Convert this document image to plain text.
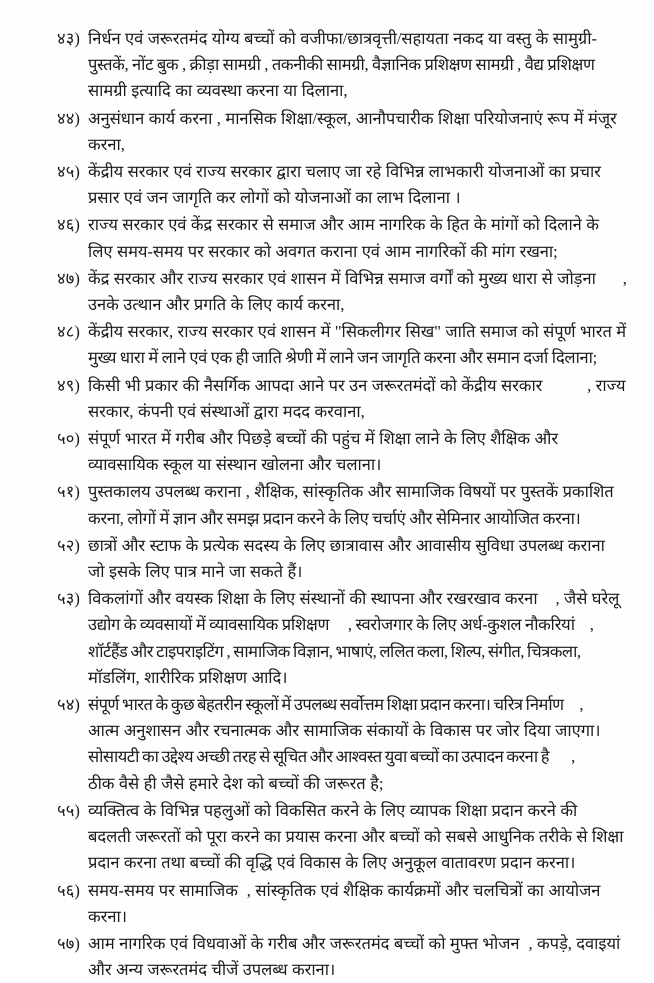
४३) निर्धन एवं जरूरतमंद योग्य बच्चों को वजीफा/छात्रवृत्ती/सहायता नकद या वस्तु के सामुग्री-
पुस्तकें, नोंट बुक , क्रीड़ा सामग्री , तकनीकी सामग्री, वैज्ञानिक प्रशिक्षण सामग्री , वैद्य प्रशिक्षण
सामग्री इत्यादि का व्यवस्था करना या दिलाना,
४४) अनुसंधान कार्य करना , मानसिक शिक्षा/स्कूल, आनौपचारीक शिक्षा परियोजनाएं रूप में मंजूर
करना,
४५) केंद्रीय सरकार एवं राज्य सरकार द्वारा चलाए जा रहे विभिन्न लाभकारी योजनाओं का प्रचार
प्रसार एवं जन जागृति कर लोगों को योजनाओं का लाभ दिलाना ।
४६) राज्य सरकार एवं केंद्र सरकार से समाज और आम नागरिक के हित के मांगों को दिलाने के
लिए समय-समय पर सरकार को अवगत कराना एवं आम नागरिकों की मांग रखना;
४७) केंद्र सरकार और राज्य सरकार एवं शासन में विभिन्न समाज वर्गों को मुख्य धारा से जोड़ना      ,
उनके उत्थान और प्रगति के लिए कार्य करना,
४८) केंद्रीय सरकार, राज्य सरकार एवं शासन में "सिकलीगर सिख" जाति समाज को संपूर्ण भारत में
मुख्य धारा में लाने एवं एक ही जाति श्रेणी में लाने जन जागृति करना और समान दर्जा दिलाना;
४९) किसी भी प्रकार की नैसर्गिक आपदा आने पर उन जरूरतमंदों को केंद्रीय सरकार          , राज्य
सरकार, कंपनी एवं संस्थाओं द्वारा मदद करवाना,
५०) संपूर्ण भारत में गरीब और पिछड़े बच्चों की पहुंच में शिक्षा लाने के लिए शैक्षिक और
व्यावसायिक स्कूल या संस्थान खोलना और चलाना।
५१) पुस्तकालय उपलब्ध कराना , शैक्षिक, सांस्कृतिक और सामाजिक विषयों पर पुस्तकें प्रकाशित
करना, लोगों में ज्ञान और समझ प्रदान करने के लिए चर्चाएं और सेमिनार आयोजित करना।
५२) छात्रों और स्टाफ के प्रत्येक सदस्य के लिए छात्रावास और आवासीय सुविधा उपलब्ध कराना
जो इसके लिए पात्र माने जा सकते हैं।
५३) विकलांगों और वयस्क शिक्षा के लिए संस्थानों की स्थापना और रखरखाव करना    , जैसे घरेलू
उद्योग के व्यवसायों में व्यावसायिक प्रशिक्षण     , स्वरोजगार के लिए अर्ध-कुशल नौकरियां    ,
शॉर्टहैंड और टाइपराइटिंग , सामाजिक विज्ञान, भाषाएं, ललित कला, शिल्प, संगीत, चित्रकला,
मॉडलिंग, शारीरिक प्रशिक्षण आदि।
५४) संपूर्ण भारत के कुछ बेहतरीन स्कूलों में उपलब्ध सर्वोत्तम शिक्षा प्रदान करना। चरित्र निर्माण     ,
आत्म अनुशासन और रचनात्मक और सामाजिक संकायों के विकास पर जोर दिया जाएगा।
सोसायटी का उद्देश्य अच्छी तरह से सूचित और आश्वस्त युवा बच्चों का उत्पादन करना है       ,
ठीक वैसे ही जैसे हमारे देश को बच्चों की जरूरत है;
५५) व्यक्तित्व के विभिन्न पहलुओं को विकसित करने के लिए व्यापक शिक्षा प्रदान करने की
बदलती जरूरतों को पूरा करने का प्रयास करना और बच्चों को सबसे आधुनिक तरीके से शिक्षा
प्रदान करना तथा बच्चों की वृद्धि एवं विकास के लिए अनुकूल वातावरण प्रदान करना।
५६) समय-समय पर सामाजिक  , सांस्कृतिक एवं शैक्षिक कार्यक्रमों और चलचित्रों का आयोजन
करना।
५७) आम नागरिक एवं विधवाओं के गरीब और जरूरतमंद बच्चों को मुफ्त भोजन  , कपड़े, दवाइयां
और अन्य जरूरतमंद चीजें उपलब्ध कराना।
